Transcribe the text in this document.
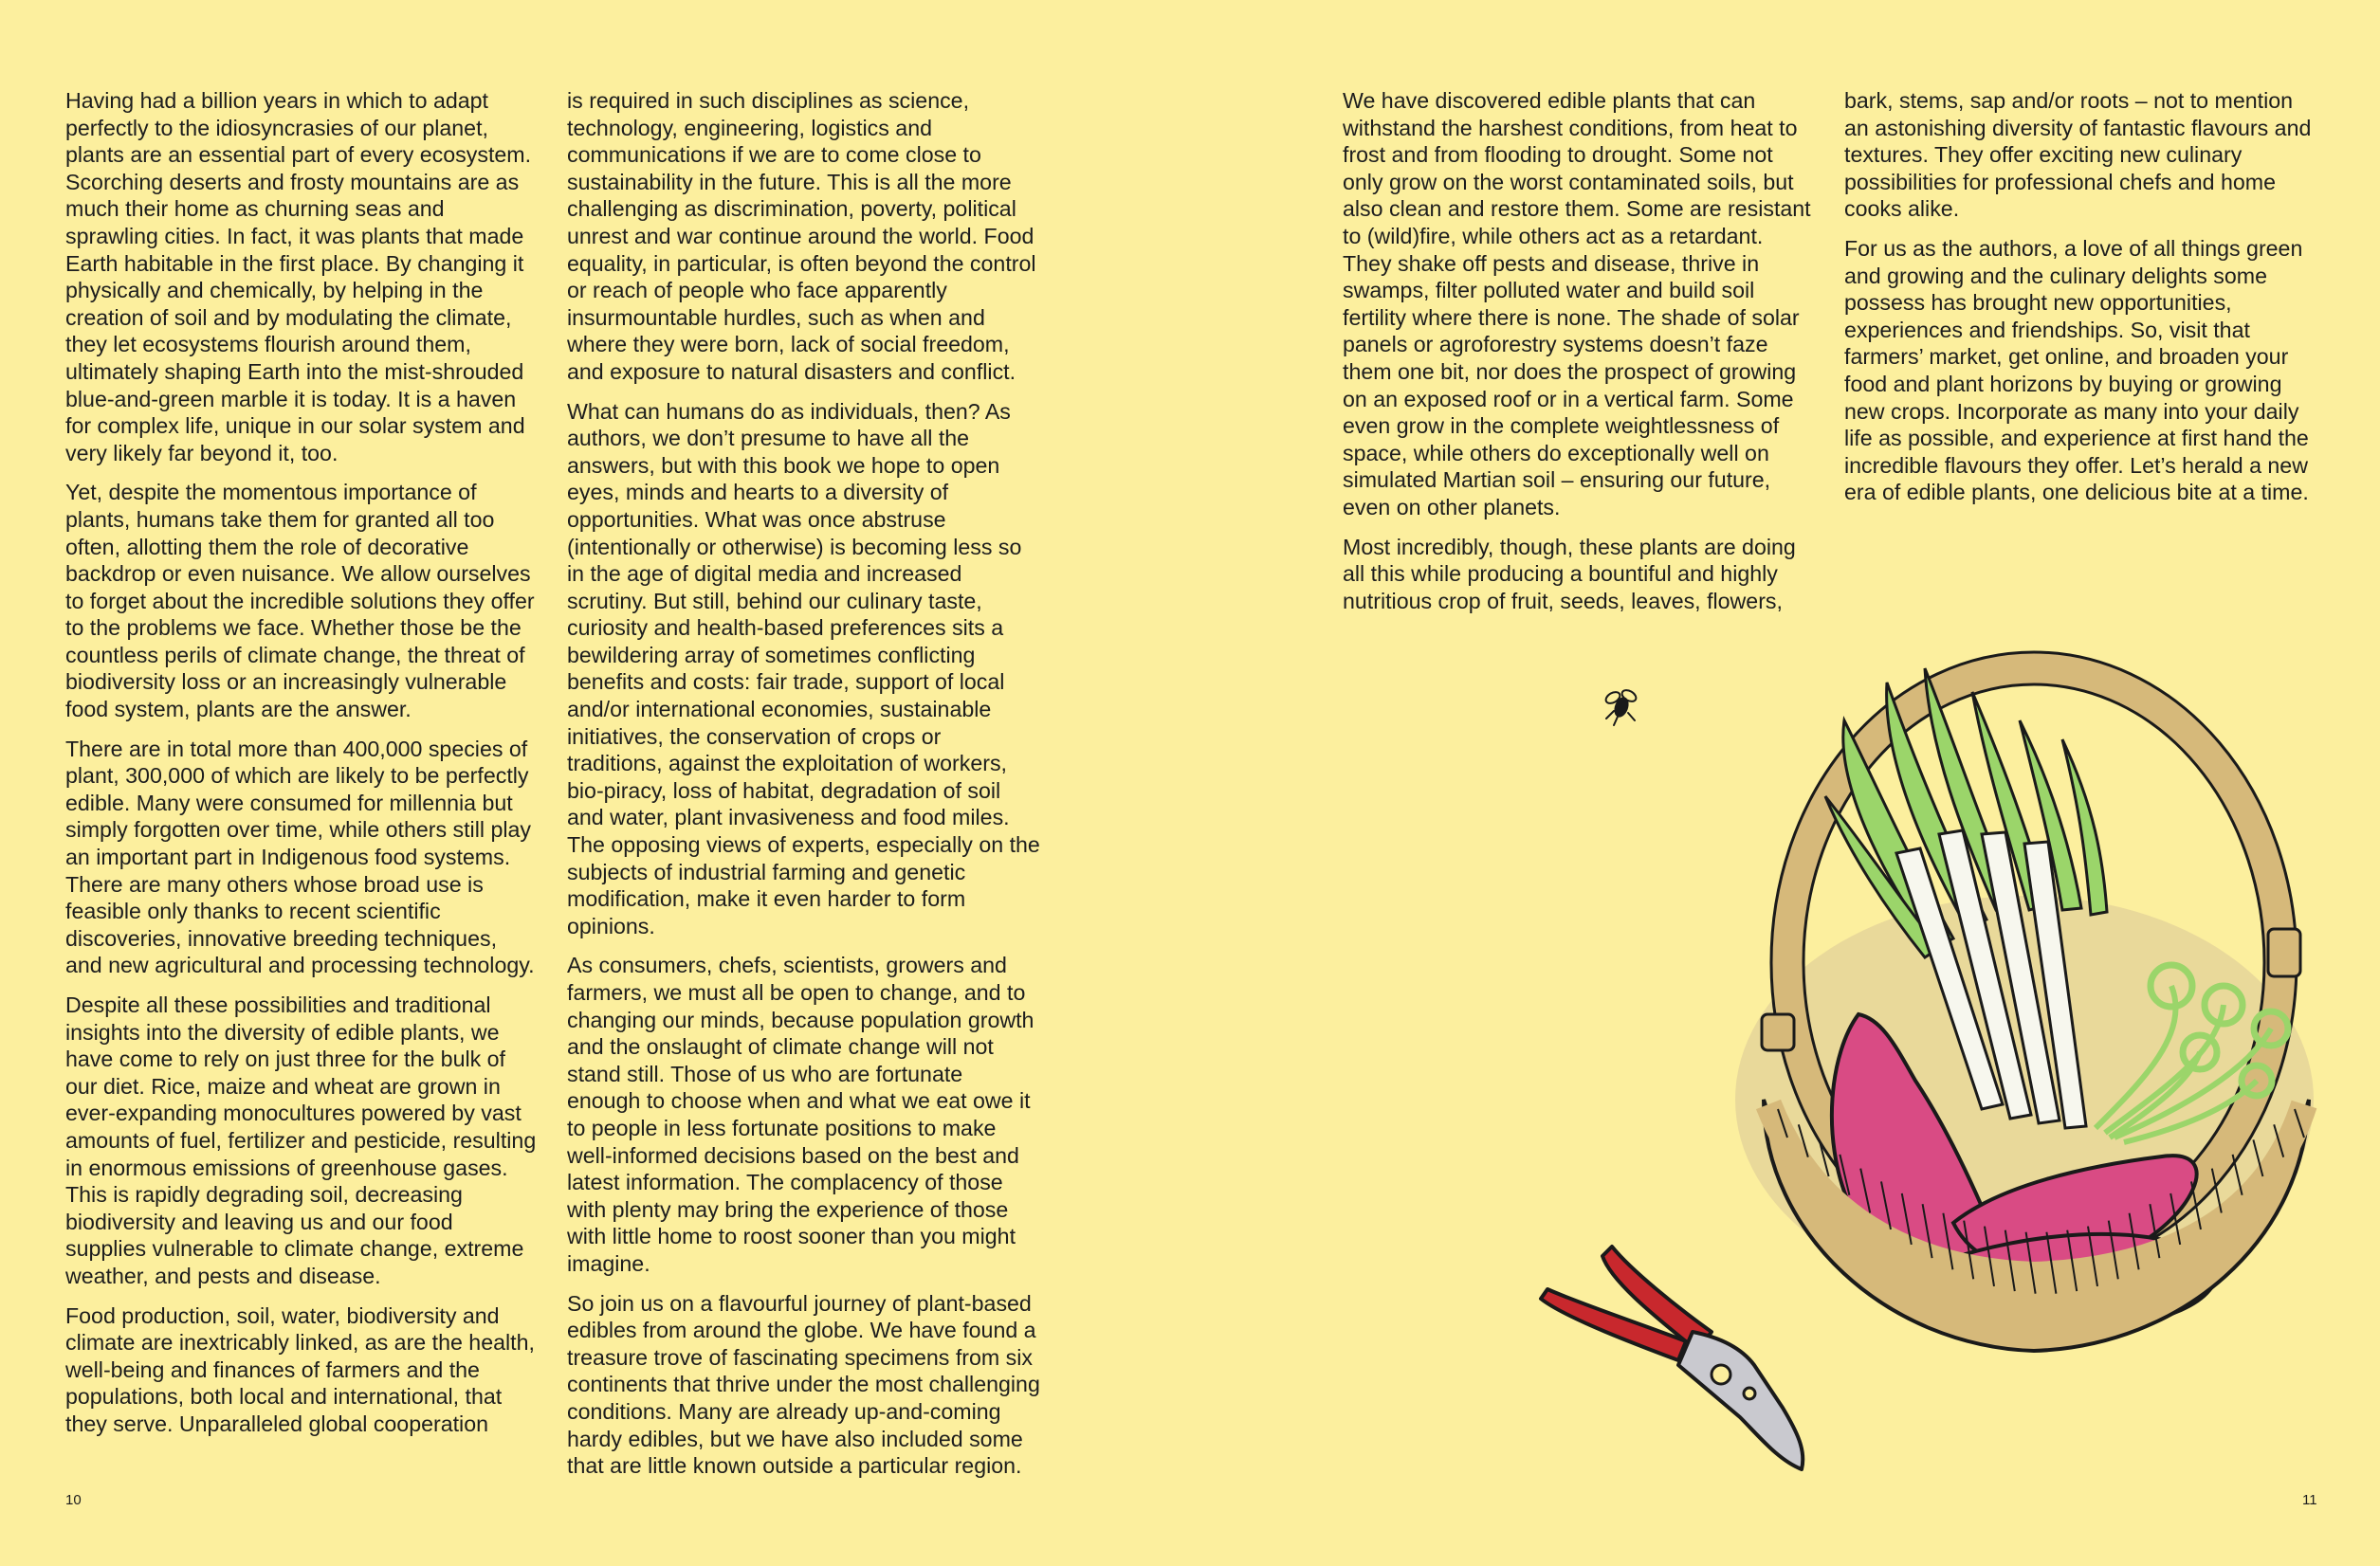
Having had a billion years in which to adapt perfectly to the idiosyncrasies of our planet, plants are an essential part of every ecosystem. Scorching deserts and frosty mountains are as much their home as churning seas and sprawling cities. In fact, it was plants that made Earth habitable in the first place. By changing it physically and chemically, by helping in the creation of soil and by modulating the climate, they let ecosystems flourish around them, ultimately shaping Earth into the mist-shrouded blue-and-green marble it is today. It is a haven for complex life, unique in our solar system and very likely far beyond it, too.

Yet, despite the momentous importance of plants, humans take them for granted all too often, allotting them the role of decorative backdrop or even nuisance. We allow ourselves to forget about the incredible solutions they offer to the problems we face. Whether those be the countless perils of climate change, the threat of biodiversity loss or an increasingly vulnerable food system, plants are the answer.

There are in total more than 400,000 species of plant, 300,000 of which are likely to be perfectly edible. Many were consumed for millennia but simply forgotten over time, while others still play an important part in Indigenous food systems. There are many others whose broad use is feasible only thanks to recent scientific discoveries, innovative breeding techniques, and new agricultural and processing technology.

Despite all these possibilities and traditional insights into the diversity of edible plants, we have come to rely on just three for the bulk of our diet. Rice, maize and wheat are grown in ever-expanding monocultures powered by vast amounts of fuel, fertilizer and pesticide, resulting in enormous emissions of greenhouse gases. This is rapidly degrading soil, decreasing biodiversity and leaving us and our food supplies vulnerable to climate change, extreme weather, and pests and disease.

Food production, soil, water, biodiversity and climate are inextricably linked, as are the health, well-being and finances of farmers and the populations, both local and international, that they serve. Unparalleled global cooperation

is required in such disciplines as science, technology, engineering, logistics and communications if we are to come close to sustainability in the future. This is all the more challenging as discrimination, poverty, political unrest and war continue around the world. Food equality, in particular, is often beyond the control or reach of people who face apparently insurmountable hurdles, such as when and where they were born, lack of social freedom, and exposure to natural disasters and conflict.

What can humans do as individuals, then? As authors, we don’t presume to have all the answers, but with this book we hope to open eyes, minds and hearts to a diversity of opportunities. What was once abstruse (intentionally or otherwise) is becoming less so in the age of digital media and increased scrutiny. But still, behind our culinary taste, curiosity and health-based preferences sits a bewildering array of sometimes conflicting benefits and costs: fair trade, support of local and/or international economies, sustainable initiatives, the conservation of crops or traditions, against the exploitation of workers, bio-piracy, loss of habitat, degradation of soil and water, plant invasiveness and food miles. The opposing views of experts, especially on the subjects of industrial farming and genetic modification, make it even harder to form opinions.

As consumers, chefs, scientists, growers and farmers, we must all be open to change, and to changing our minds, because population growth and the onslaught of climate change will not stand still. Those of us who are fortunate enough to choose when and what we eat owe it to people in less fortunate positions to make well-informed decisions based on the best and latest information. The complacency of those with plenty may bring the experience of those with little home to roost sooner than you might imagine.

So join us on a flavourful journey of plant-based edibles from around the globe. We have found a treasure trove of fascinating specimens from six continents that thrive under the most challenging conditions. Many are already up-and-coming hardy edibles, but we have also included some that are little known outside a particular region.

We have discovered edible plants that can withstand the harshest conditions, from heat to frost and from flooding to drought. Some not only grow on the worst contaminated soils, but also clean and restore them. Some are resistant to (wild)fire, while others act as a retardant. They shake off pests and disease, thrive in swamps, filter polluted water and build soil fertility where there is none. The shade of solar panels or agroforestry systems doesn’t faze them one bit, nor does the prospect of growing on an exposed roof or in a vertical farm. Some even grow in the complete weightlessness of space, while others do exceptionally well on simulated Martian soil – ensuring our future, even on other planets.

Most incredibly, though, these plants are doing all this while producing a bountiful and highly nutritious crop of fruit, seeds, leaves, flowers,

bark, stems, sap and/or roots – not to mention an astonishing diversity of fantastic flavours and textures. They offer exciting new culinary possibilities for professional chefs and home cooks alike.

For us as the authors, a love of all things green and growing and the culinary delights some possess has brought new opportunities, experiences and friendships. So, visit that farmers’ market, get online, and broaden your food and plant horizons by buying or growing new crops. Incorporate as many into your daily life as possible, and experience at first hand the incredible flavours they offer. Let’s herald a new era of edible plants, one delicious bite at a time.

10	11
